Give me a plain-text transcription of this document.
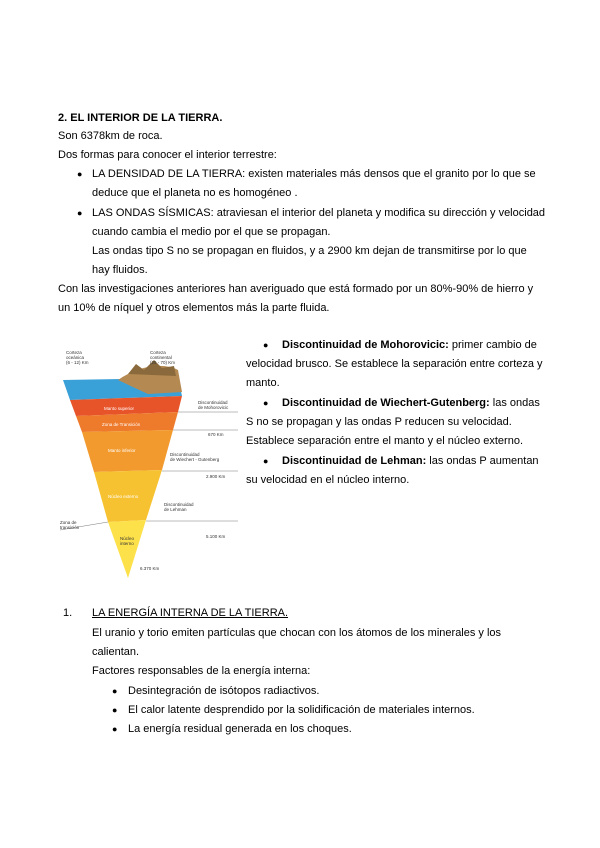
2. EL INTERIOR DE LA TIERRA.
Son 6378km de roca.
Dos formas para conocer el interior terrestre:
● LA DENSIDAD DE LA TIERRA: existen materiales más densos que el granito por lo que se
deduce que el planeta no es homogéneo .
● LAS ONDAS SÍSMICAS: atraviesan el interior del planeta y modifica su dirección y velocidad
cuando cambia el medio por el que se propagan.
Las ondas tipo S no se propagan en fluidos, y a 2900 km dejan de transmitirse por lo que
hay fluidos.
Con las investigaciones anteriores han averiguado que está formado por un 80%-90% de hierro y
un 10% de níquel y otros elementos más la parte fluida.
Corteza
oceánica
(6 - 12) Km
Corteza
continental
(25 - 70) Km
Manto superior
Zona de Transición
Manto inferior
Núcleo externo
Núcleo
interno
Zona de
transición
Discontinuidad
de Mohorovicic
670 Km
Discontinuidad
de Wiechert - Gutenberg
2.900 Km
Discontinuidad
de Lehman
5.100 Km
6.370 Km
● Discontinuidad de Mohorovicic: primer cambio de
velocidad brusco. Se establece la separación entre corteza y
manto.
● Discontinuidad de Wiechert-Gutenberg: las ondas
S no se propagan y las ondas P reducen su velocidad.
Establece separación entre el manto y el núcleo externo.
● Discontinuidad de Lehman: las ondas P aumentan
su velocidad en el núcleo interno.
1. LA ENERGÍA INTERNA DE LA TIERRA.
El uranio y torio emiten partículas que chocan con los átomos de los minerales y los
calientan.
Factores responsables de la energía interna:
● Desintegración de isótopos radiactivos.
● El calor latente desprendido por la solidificación de materiales internos.
● La energía residual generada en los choques.
